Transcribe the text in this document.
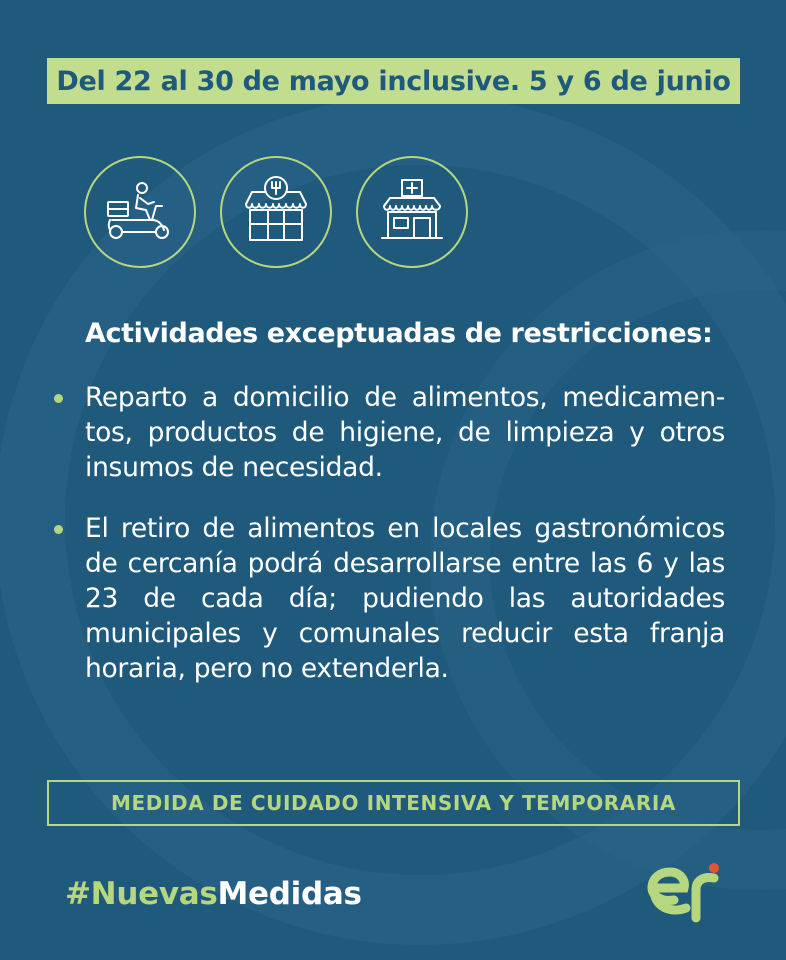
Del 22 al 30 de mayo inclusive. 5 y 6 de junio
Actividades exceptuadas de restricciones:
Reparto a domicilio de alimentos, medicamen-tos, productos de higiene, de limpieza y otros insumos de necesidad.
El retiro de alimentos en locales gastronómicos de cercanía podrá desarrollarse entre las 6 y las 23 de cada día; pudiendo las autoridades municipales y comunales reducir esta franja horaria, pero no extenderla.
MEDIDA DE CUIDADO INTENSIVA Y TEMPORARIA
#NuevasMedidas
